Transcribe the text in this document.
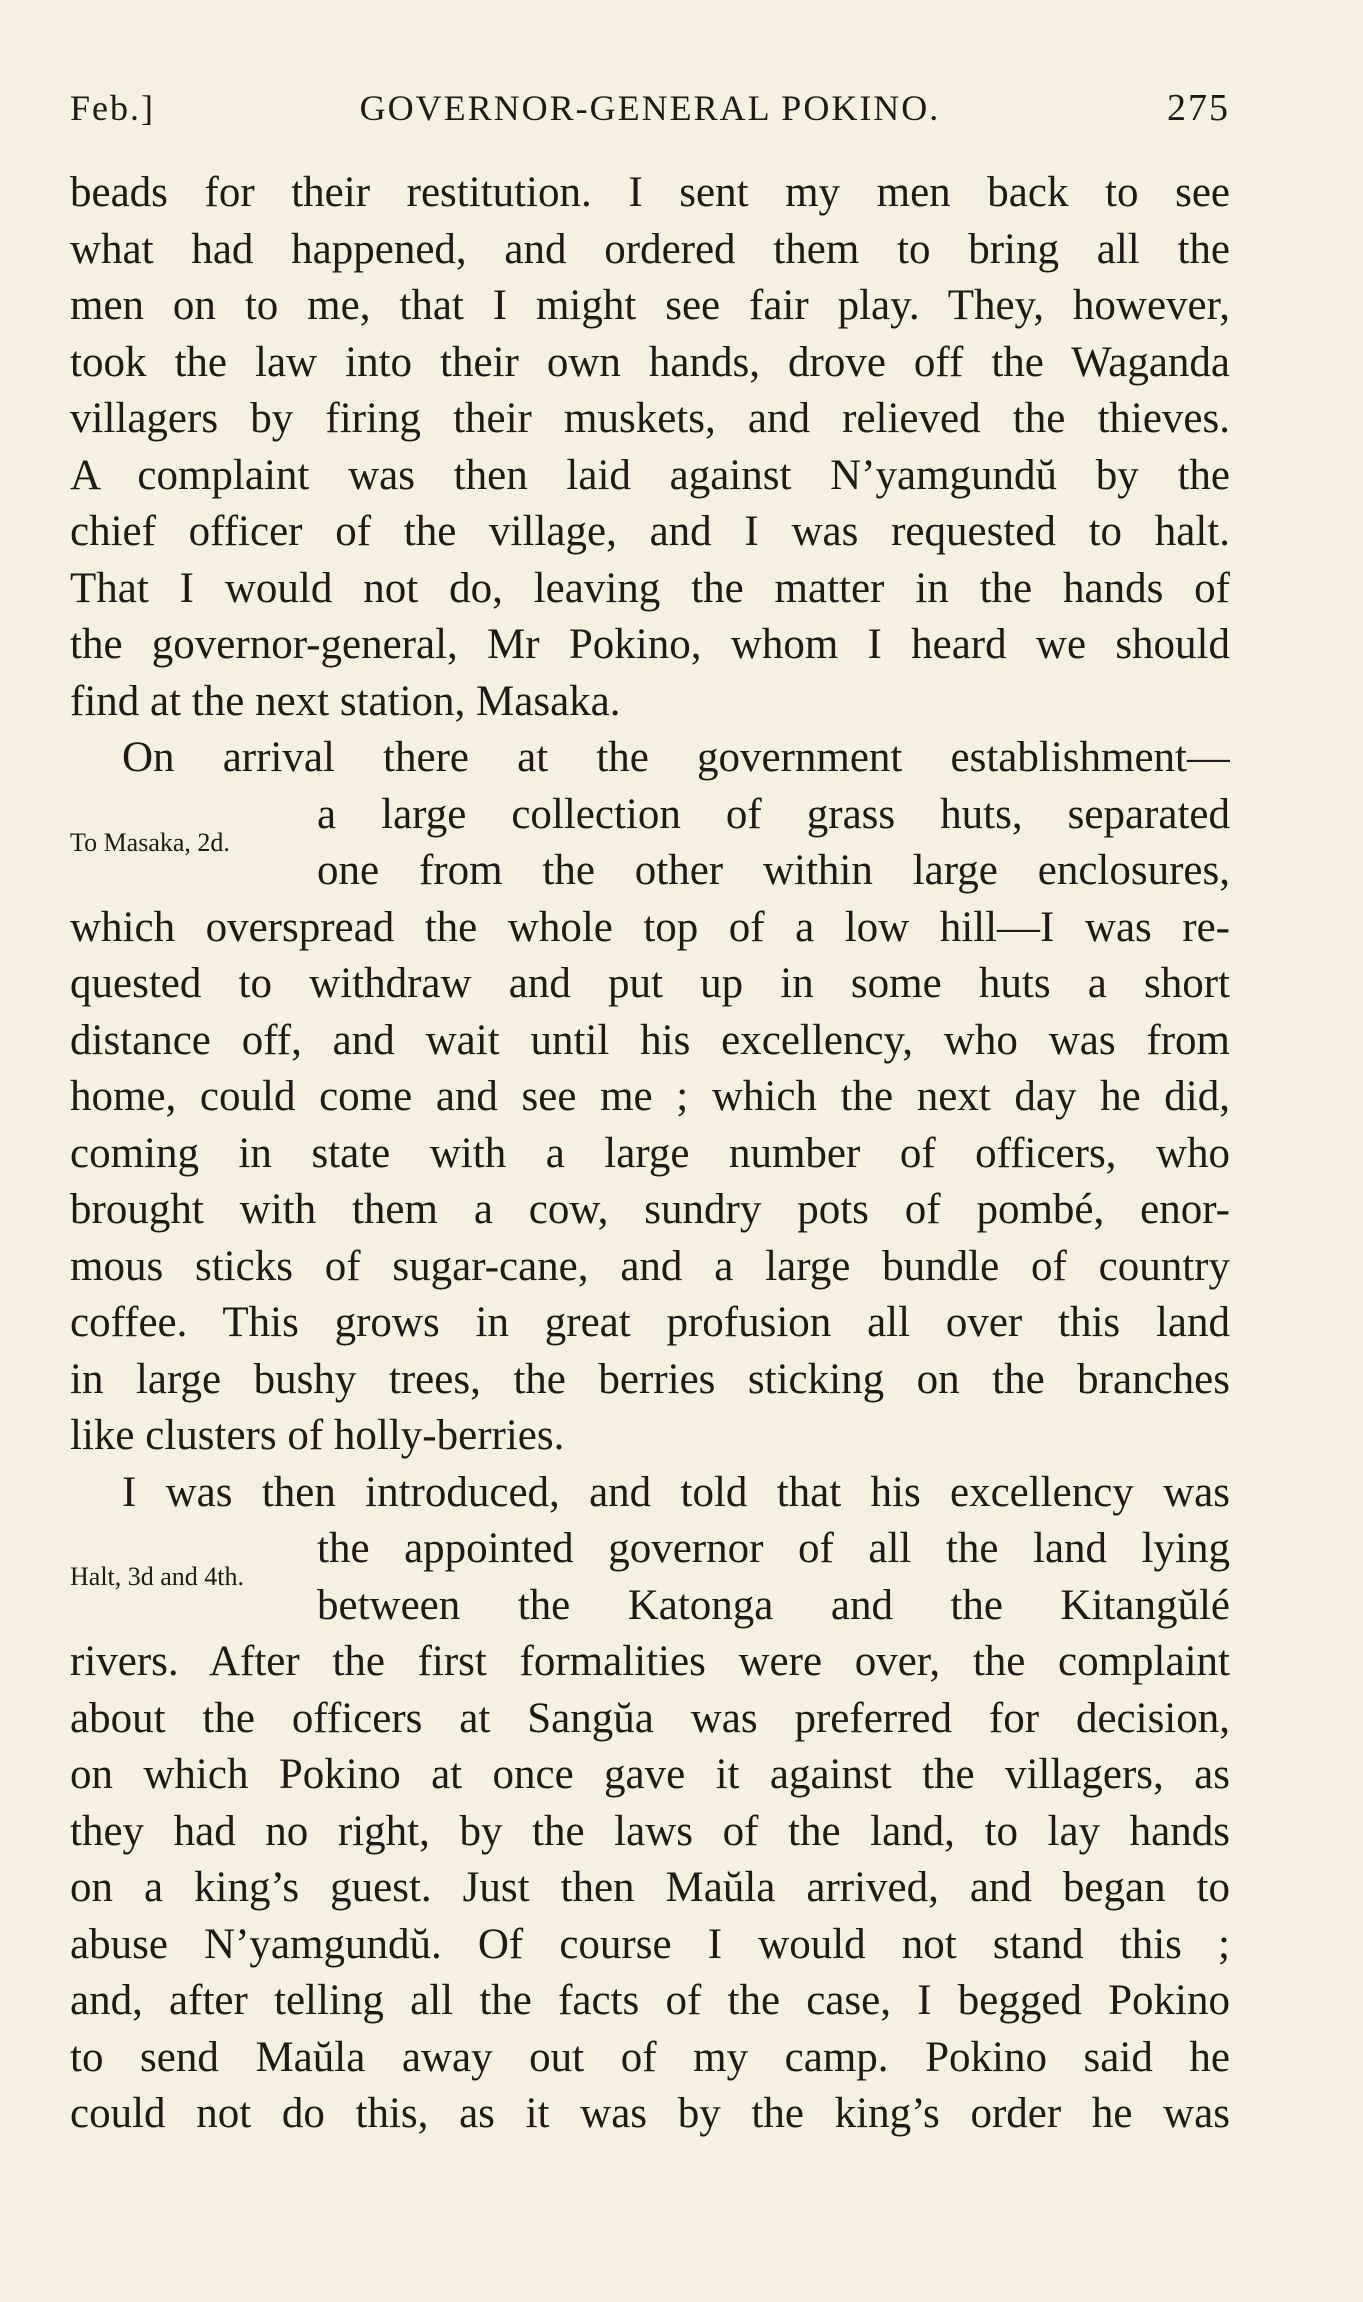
Feb.]	GOVERNOR-GENERAL POKINO.	275
beads for their restitution. I sent my men back to see
what had happened, and ordered them to bring all the
men on to me, that I might see fair play. They, however,
took the law into their own hands, drove off the Waganda
villagers by firing their muskets, and relieved the thieves.
A complaint was then laid against N’yamgundŭ by the
chief officer of the village, and I was requested to halt.
That I would not do, leaving the matter in the hands of
the governor-general, Mr Pokino, whom I heard we should
find at the next station, Masaka.
On arrival there at the government establishment—
To Masaka, 2d.
a large collection of grass huts, separated
one from the other within large enclosures,
which overspread the whole top of a low hill—I was re-
quested to withdraw and put up in some huts a short
distance off, and wait until his excellency, who was from
home, could come and see me ; which the next day he did,
coming in state with a large number of officers, who
brought with them a cow, sundry pots of pombé, enor-
mous sticks of sugar-cane, and a large bundle of country
coffee. This grows in great profusion all over this land
in large bushy trees, the berries sticking on the branches
like clusters of holly-berries.
I was then introduced, and told that his excellency was
Halt, 3d and 4th.
the appointed governor of all the land lying
between the Katonga and the Kitangŭlé
rivers. After the first formalities were over, the complaint
about the officers at Sangŭa was preferred for decision,
on which Pokino at once gave it against the villagers, as
they had no right, by the laws of the land, to lay hands
on a king’s guest. Just then Maŭla arrived, and began to
abuse N’yamgundŭ. Of course I would not stand this ;
and, after telling all the facts of the case, I begged Pokino
to send Maŭla away out of my camp. Pokino said he
could not do this, as it was by the king’s order he was
